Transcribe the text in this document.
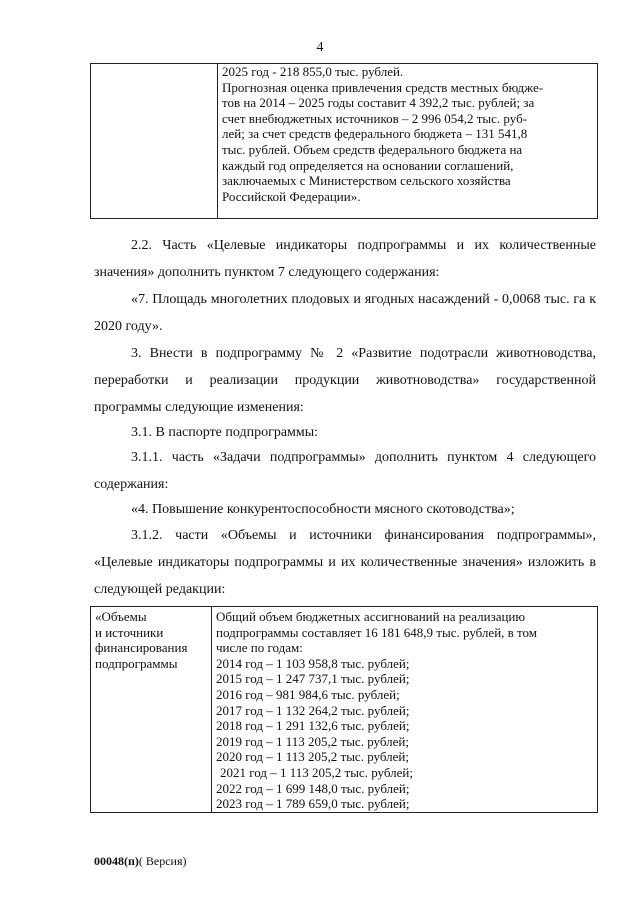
4

2025 год - 218 855,0 тыс. рублей.
Прогнозная оценка привлечения средств местных бюдже-
тов на 2014 – 2025 годы составит 4 392,2 тыс. рублей; за
счет внебюджетных источников – 2 996 054,2 тыс. руб-
лей; за счет средств федерального бюджета – 131 541,8
тыс. рублей. Объем средств федерального бюджета на
каждый год определяется на основании соглашений,
заключаемых с Министерством сельского хозяйства
Российской Федерации».
2.2. Часть «Целевые индикаторы подпрограммы и их количественные значения» дополнить пунктом 7 следующего содержания:
«7. Площадь многолетних плодовых и ягодных насаждений - 0,0068 тыс. га к 2020 году».
3. Внести в подпрограмму № 2 «Развитие подотрасли животноводства, переработки и реализации продукции животноводства» государственной программы следующие изменения:
3.1. В паспорте подпрограммы:
3.1.1. часть «Задачи подпрограммы» дополнить пунктом 4 следующего содержания:
«4. Повышение конкурентоспособности мясного скотоводства»;
3.1.2. части «Объемы и источники финансирования подпрограммы», «Целевые индикаторы подпрограммы и их количественные значения» изложить в следующей редакции:
«Объемы
и источники
финансирования
подпрограммы

Общий объем бюджетных ассигнований на реализацию
подпрограммы составляет 16 181 648,9 тыс. рублей, в том
числе по годам:
2014 год – 1 103 958,8 тыс. рублей;
2015 год – 1 247 737,1 тыс. рублей;
2016 год – 981 984,6 тыс. рублей;
2017 год – 1 132 264,2 тыс. рублей;
2018 год – 1 291 132,6 тыс. рублей;
2019 год – 1 113 205,2 тыс. рублей;
2020 год – 1 113 205,2 тыс. рублей;
2021 год – 1 113 205,2 тыс. рублей;
2022 год – 1 699 148,0 тыс. рублей;
2023 год – 1 789 659,0 тыс. рублей;
00048(п)( Версия)
